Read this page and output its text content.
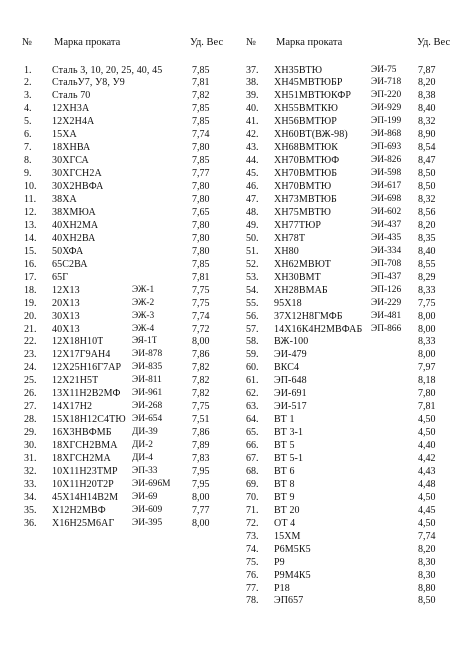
№ Марка проката	Уд. Вес
1. Сталь 3, 10, 20, 25, 40, 45	7,85
2. СтальУ7, У8, У9	7,81
3. Сталь 70	7,82
4. 12ХН3А	7,85
5. 12Х2Н4А	7,85
6. 15ХА	7,74
7. 18ХНВА	7,80
8. 30ХГСА	7,85
9. 30ХГСН2А	7,77
10. 30Х2НВФА	7,80
11. 38ХА	7,80
12. 38ХМЮА	7,65
13. 40ХН2МА	7,80
14. 40ХН2ВА	7,80
15. 50ХФА	7,80
16. 65С2ВА	7,85
17. 65Г	7,81
18. 12Х13	ЭЖ-1	7,75
19. 20Х13	ЭЖ-2	7,75
20. 30Х13	ЭЖ-3	7,74
21. 40Х13	ЭЖ-4	7,72
22. 12Х18Н10Т	ЭЯ-1Т	8,00
23. 12Х17Г9АН4 ЭИ-878	7,86
24. 12Х25Н16Г7АР ЭИ-835	7,82
25. 12Х21Н5Т	ЭИ-811	7,82
26. 13Х11Н2В2МФ ЭИ-961	7,82
27. 14Х17Н2	ЭИ-268	7,75
28. 15Х18Н12С4ТЮ ЭИ-654	7,51
29. 16Х3НВФМБ ДИ-39	7,86
30. 18ХГСН2ВМА ДИ-2	7,89
31. 18ХГСН2МА ДИ-4	7,83
32. 10Х11Н23ТМР ЭП-33	7,95
33. 10Х11Н20Т2Р ЭИ-696М 7,95
34. 45Х14Н14В2М ЭИ-69	8,00
35. Х12Н2МВФ	ЭИ-609	7,77
36. Х16Н25М6АГ ЭИ-395	8,00
№ Марка проката	Уд. Вес
37. ХН35ВТЮ	ЭИ-75 7,87
38. ХН45МВТЮБР	ЭИ-718 8,20
39. ХН51МВТЮКФР ЭП-220 8,38
40. ХН55ВМТКЮ	ЭИ-929 8,40
41. ХН56ВМТЮР	ЭП-199 8,32
42. ХН60ВТ(ВЖ-98) ЭИ-868 8,90
43. ХН68ВМТЮК	ЭП-693 8,54
44. ХН70ВМТЮФ	ЭИ-826 8,47
45. ХН70ВМТЮБ	ЭИ-598 8,50
46. ХН70ВМТЮ	ЭИ-617 8,50
47. ХН73МВТЮБ	ЭИ-698 8,32
48. ХН75МВТЮ	ЭИ-602 8,56
49. ХН77ТЮР	ЭИ-437 8,20
50. ХН78Т	ЭИ-435 8,35
51. ХН80	ЭИ-334 8,40
52. ХН62МВЮТ	ЭП-708 8,55
53. ХН30ВМТ	ЭП-437 8,29
54. ХН28ВМАБ	ЭП-126 8,33
55. 95Х18	ЭИ-229 7,75
56. 37Х12Н8ГМФБ	ЭИ-481 8,00
57. 14Х16К4Н2МВФАБ ЭП-866 8,00
58. ВЖ-100	8,33
59. ЭИ-479	8,00
60. ВКС4	7,97
61. ЭП-648	8,18
62. ЭИ-691	7,80
63. ЭИ-517	7,81
64. ВТ 1	4,50
65. ВТ 3-1	4,50
66. ВТ 5	4,40
67. ВТ 5-1	4,42
68. ВТ 6	4,43
69. ВТ 8	4,48
70. ВТ 9	4,50
71. ВТ 20	4,45
72. ОТ 4	4,50
73. 15ХМ	7,74
74. Р6М5К5	8,20
75. Р9	8,30
76. Р9М4К5	8,30
77. Р18	8,80
78. ЭП657	8,50
